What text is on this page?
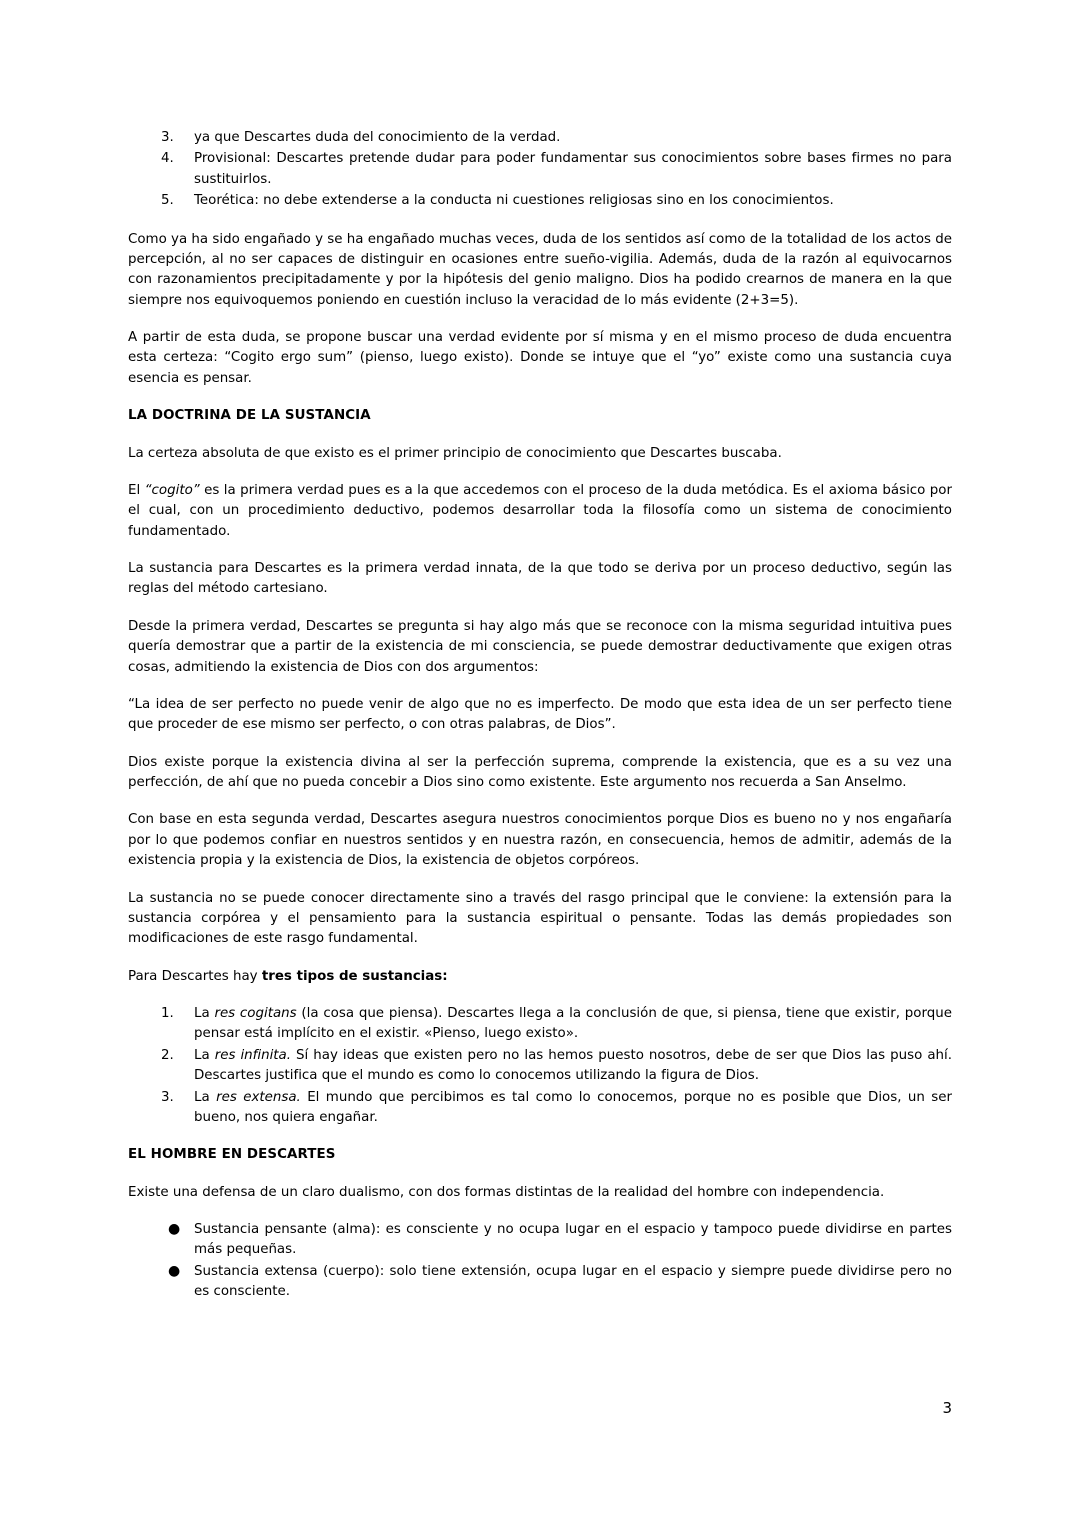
3.	ya que Descartes duda del conocimiento de la verdad.
4.	Provisional: Descartes pretende dudar para poder fundamentar sus conocimientos sobre bases firmes no para sustituirlos.
5.	Teorética: no debe extenderse a la conducta ni cuestiones religiosas sino en los conocimientos.

Como ya ha sido engañado y se ha engañado muchas veces, duda de los sentidos así como de la totalidad de los actos de percepción, al no ser capaces de distinguir en ocasiones entre sueño-vigilia. Además, duda de la razón al equivocarnos con razonamientos precipitadamente y por la hipótesis del genio maligno. Dios ha podido crearnos de manera en la que siempre nos equivoquemos poniendo en cuestión incluso la veracidad de lo más evidente (2+3=5).

A partir de esta duda, se propone buscar una verdad evidente por sí misma y en el mismo proceso de duda encuentra esta certeza: “Cogito ergo sum” (pienso, luego existo). Donde se intuye que el “yo” existe como una sustancia cuya esencia es pensar.

LA DOCTRINA DE LA SUSTANCIA

La certeza absoluta de que existo es el primer principio de conocimiento que Descartes buscaba.

El “cogito” es la primera verdad pues es a la que accedemos con el proceso de la duda metódica. Es el axioma básico por el cual, con un procedimiento deductivo, podemos desarrollar toda la filosofía como un sistema de conocimiento fundamentado.

La sustancia para Descartes es la primera verdad innata, de la que todo se deriva por un proceso deductivo, según las reglas del método cartesiano.

Desde la primera verdad, Descartes se pregunta si hay algo más que se reconoce con la misma seguridad intuitiva pues quería demostrar que a partir de la existencia de mi consciencia, se puede demostrar deductivamente que exigen otras cosas, admitiendo la existencia de Dios con dos argumentos:

“La idea de ser perfecto no puede venir de algo que no es imperfecto. De modo que esta idea de un ser perfecto tiene que proceder de ese mismo ser perfecto, o con otras palabras, de Dios”.

Dios existe porque la existencia divina al ser la perfección suprema, comprende la existencia, que es a su vez una perfección, de ahí que no pueda concebir a Dios sino como existente. Este argumento nos recuerda a San Anselmo.

Con base en esta segunda verdad, Descartes asegura nuestros conocimientos porque Dios es bueno no y nos engañaría por lo que podemos confiar en nuestros sentidos y en nuestra razón, en consecuencia, hemos de admitir, además de la existencia propia y la existencia de Dios, la existencia de objetos corpóreos.

La sustancia no se puede conocer directamente sino a través del rasgo principal que le conviene: la extensión para la sustancia corpórea y el pensamiento para la sustancia espiritual o pensante. Todas las demás propiedades son modificaciones de este rasgo fundamental.

Para Descartes hay tres tipos de sustancias:

1.	La res cogitans (la cosa que piensa). Descartes llega a la conclusión de que, si piensa, tiene que existir, porque pensar está implícito en el existir. «Pienso, luego existo».
2.	La res infinita. Sí hay ideas que existen pero no las hemos puesto nosotros, debe de ser que Dios las puso ahí. Descartes justifica que el mundo es como lo conocemos utilizando la figura de Dios.
3.	La res extensa. El mundo que percibimos es tal como lo conocemos, porque no es posible que Dios, un ser bueno, nos quiera engañar.
EL HOMBRE EN DESCARTES

Existe una defensa de un claro dualismo, con dos formas distintas de la realidad del hombre con independencia.

● Sustancia pensante (alma): es consciente y no ocupa lugar en el espacio y tampoco puede dividirse en partes más pequeñas.
● Sustancia extensa (cuerpo): solo tiene extensión, ocupa lugar en el espacio y siempre puede dividirse pero no es consciente.
3
